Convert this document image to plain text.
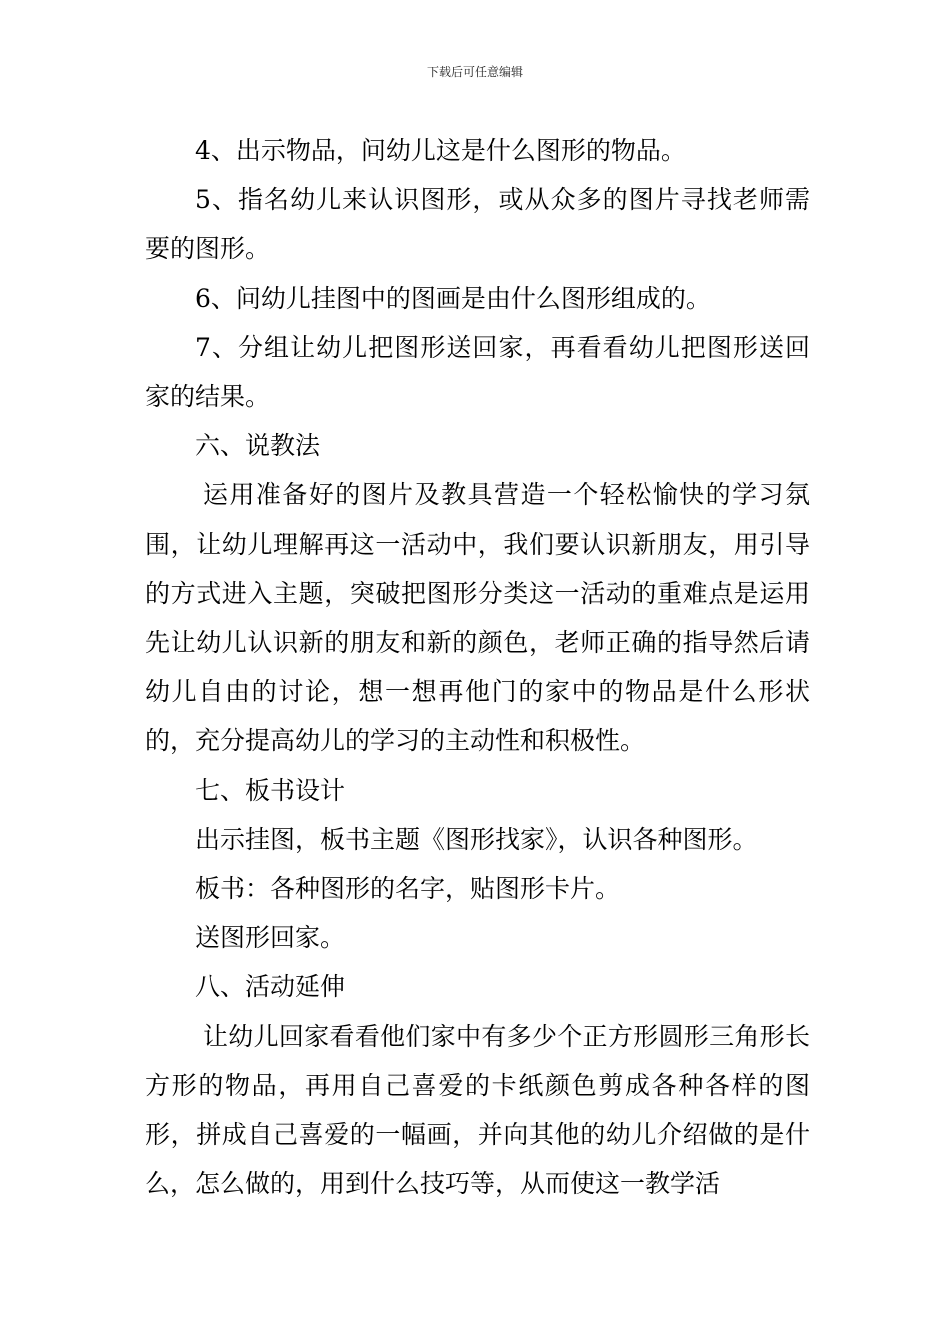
下载后可任意编辑

4、出示物品，问幼儿这是什么图形的物品。

5、指名幼儿来认识图形，或从众多的图片寻找老师需要的图形。

6、问幼儿挂图中的图画是由什么图形组成的。

7、分组让幼儿把图形送回家，再看看幼儿把图形送回家的结果。

六、说教法

运用准备好的图片及教具营造一个轻松愉快的学习氛围，让幼儿理解再这一活动中，我们要认识新朋友，用引导的方式进入主题，突破把图形分类这一活动的重难点是运用先让幼儿认识新的朋友和新的颜色，老师正确的指导然后请幼儿自由的讨论，想一想再他门的家中的物品是什么形状的，充分提高幼儿的学习的主动性和积极性。

七、板书设计

出示挂图，板书主题《图形找家》，认识各种图形。

板书：各种图形的名字，贴图形卡片。

送图形回家。

八、活动延伸

让幼儿回家看看他们家中有多少个正方形圆形三角形长方形的物品，再用自己喜爱的卡纸颜色剪成各种各样的图形，拼成自己喜爱的一幅画，并向其他的幼儿介绍做的是什么，怎么做的，用到什么技巧等，从而使这一教学活
